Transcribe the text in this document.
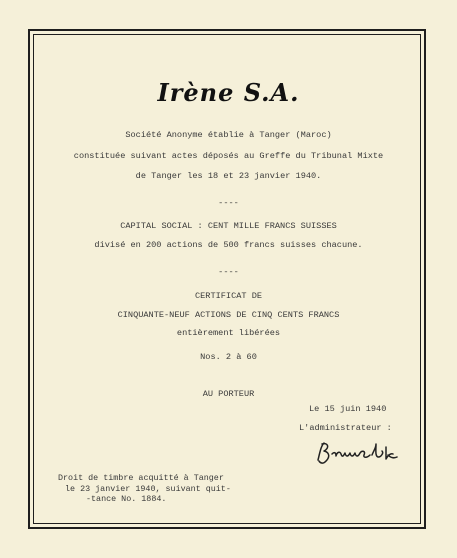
Irène S.A.
Société Anonyme établie à Tanger (Maroc)
constituée suivant actes déposés au Greffe du Tribunal Mixte
de Tanger les 18 et 23 janvier 1940.
----
CAPITAL SOCIAL : CENT MILLE FRANCS SUISSES
divisé en 200 actions de 500 francs suisses chacune.
----
CERTIFICAT DE
CINQUANTE-NEUF ACTIONS DE CINQ CENTS FRANCS
entièrement libérées
Nos. 2 à 60
AU PORTEUR
Le 15 juin 1940
L'administrateur :
Droit de timbre acquitté à Tanger
le 23 janvier 1940, suivant quit-
-tance No. 1884.
